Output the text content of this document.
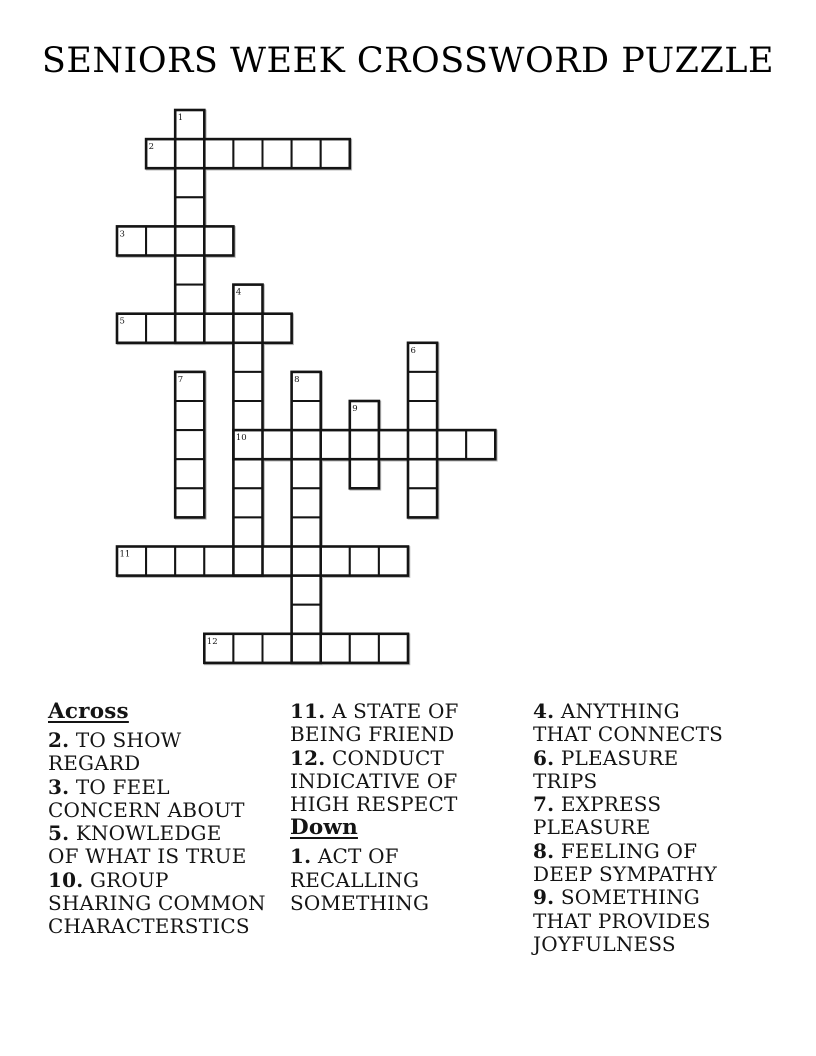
SENIORS WEEK CROSSWORD PUZZLE
1
2
3
4
5
6
7	8
9
10
11
12
Across
2. TO SHOW
REGARD
3. TO FEEL
CONCERN ABOUT
5. KNOWLEDGE
OF WHAT IS TRUE
10. GROUP
SHARING COMMON
CHARACTERSTICS
11. A STATE OF
BEING FRIEND
12. CONDUCT
INDICATIVE OF
HIGH RESPECT
Down
1. ACT OF
RECALLING
SOMETHING
4. ANYTHING
THAT CONNECTS
6. PLEASURE
TRIPS
7. EXPRESS
PLEASURE
8. FEELING OF
DEEP SYMPATHY
9. SOMETHING
THAT PROVIDES
JOYFULNESS
